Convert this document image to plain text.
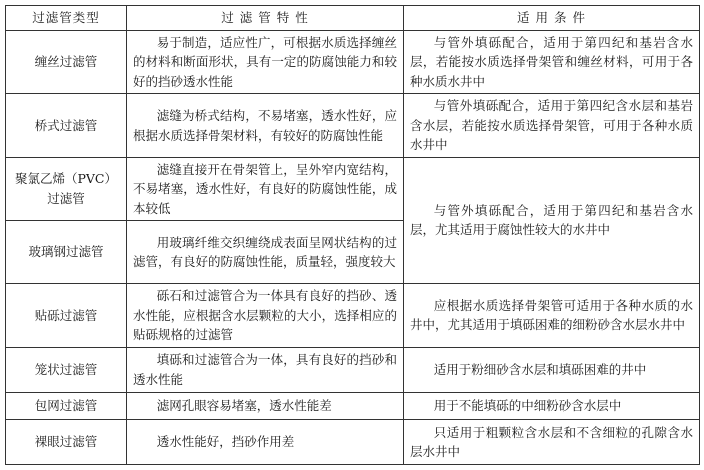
过滤管类型	过 滤 管 特 性	适 用 条 件
缠丝过滤管	易于制造，适应性广，可根据水质选择缠丝的材料和断面形状，具有一定的防腐蚀能力和较好的挡砂透水性能	与管外填砾配合，适用于第四纪和基岩含水层，若能按水质选择骨架管和缠丝材料，可用于各种水质水井中
桥式过滤管	滤缝为桥式结构，不易堵塞，透水性好，应根据水质选择骨架材料，有较好的防腐蚀性能	与管外填砾配合，适用于第四纪含水层和基岩含水层，若能按水质选择骨架管，可用于各种水质水井中
聚氯乙烯（PVC）过滤管	滤缝直接开在骨架管上，呈外窄内宽结构，不易堵塞，透水性好，有良好的防腐蚀性能，成本较低	与管外填砾配合，适用于第四纪和基岩含水层，尤其适用于腐蚀性较大的水井中
玻璃钢过滤管	用玻璃纤维交织缠绕成表面呈网状结构的过滤管，有良好的防腐蚀性能，质量轻，强度较大	
贴砾过滤管	砾石和过滤管合为一体具有良好的挡砂、透水性能，应根据含水层颗粒的大小，选择相应的贴砾规格的过滤管	应根据水质选择骨架管可适用于各种水质的水井中，尤其适用于填砾困难的细粉砂含水层水井中
笼状过滤管	填砾和过滤管合为一体，具有良好的挡砂和透水性能	适用于粉细砂含水层和填砾困难的井中
包网过滤管	滤网孔眼容易堵塞，透水性能差	用于不能填砾的中细粉砂含水层中
裸眼过滤管	透水性能好，挡砂作用差	只适用于粗颗粒含水层和不含细粒的孔隙含水层水井中
